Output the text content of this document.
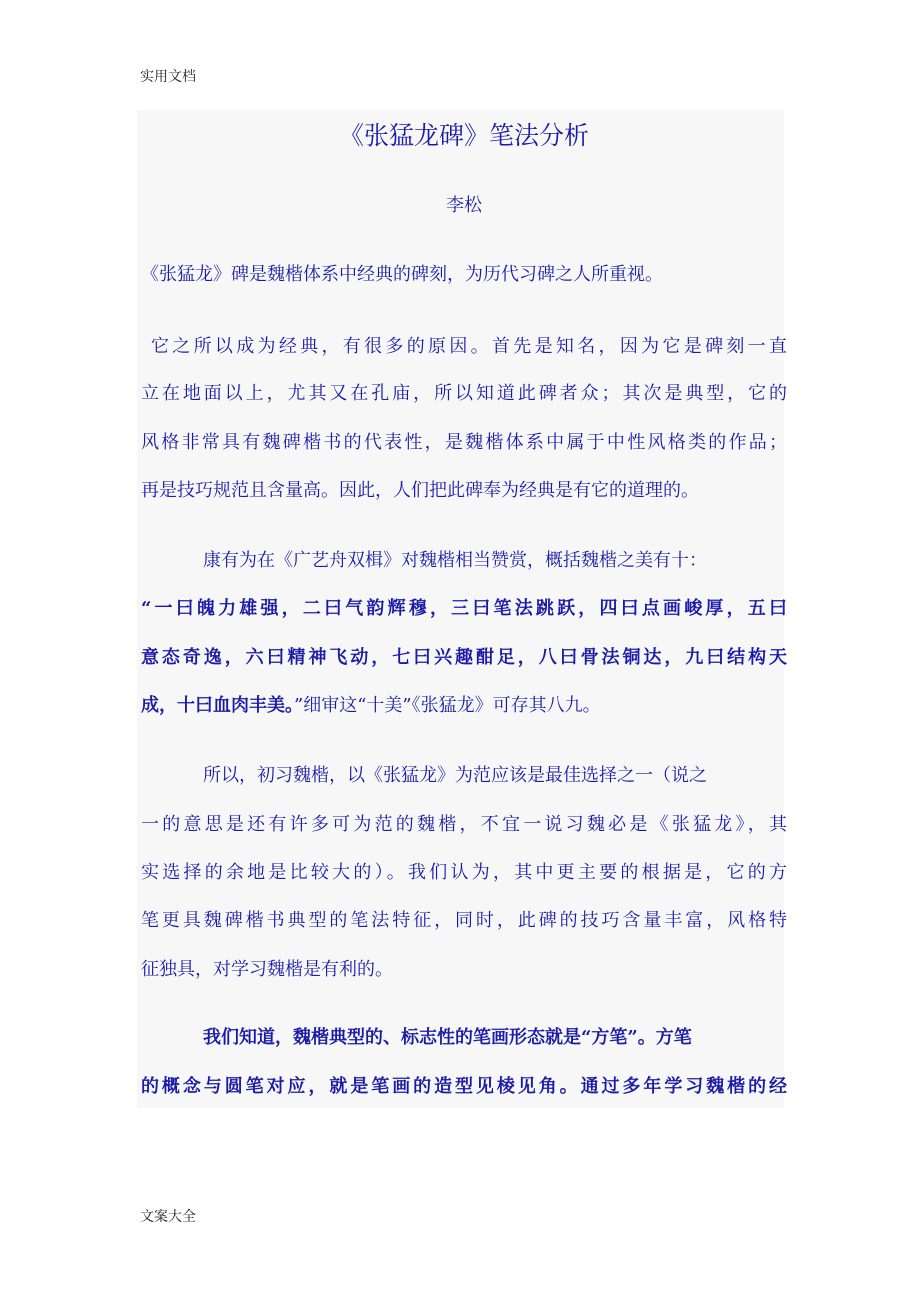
实用文档
《张猛龙碑》笔法分析
李松
《张猛龙》碑是魏楷体系中经典的碑刻，为历代习碑之人所重视。
它之所以成为经典，有很多的原因。首先是知名，因为它是碑刻一直
立在地面以上，尤其又在孔庙，所以知道此碑者众；其次是典型，它的
风格非常具有魏碑楷书的代表性，是魏楷体系中属于中性风格类的作品；
再是技巧规范且含量高。因此，人们把此碑奉为经典是有它的道理的。
康有为在《广艺舟双楫》对魏楷相当赞赏，概括魏楷之美有十：
“一曰魄力雄强，二曰气韵辉穆，三曰笔法跳跃，四曰点画峻厚，五曰
意态奇逸，六曰精神飞动，七曰兴趣酣足，八曰骨法铜达，九曰结构天
成，十曰血肉丰美。”细审这“十美”《张猛龙》可存其八九。
所以，初习魏楷，以《张猛龙》为范应该是最佳选择之一（说之
一的意思是还有许多可为范的魏楷，不宜一说习魏必是《张猛龙》，其
实选择的余地是比较大的）。我们认为，其中更主要的根据是，它的方
笔更具魏碑楷书典型的笔法特征，同时，此碑的技巧含量丰富，风格特
征独具，对学习魏楷是有利的。
我们知道，魏楷典型的、标志性的笔画形态就是“方笔”。方笔
的概念与圆笔对应，就是笔画的造型见棱见角。通过多年学习魏楷的经
文案大全
